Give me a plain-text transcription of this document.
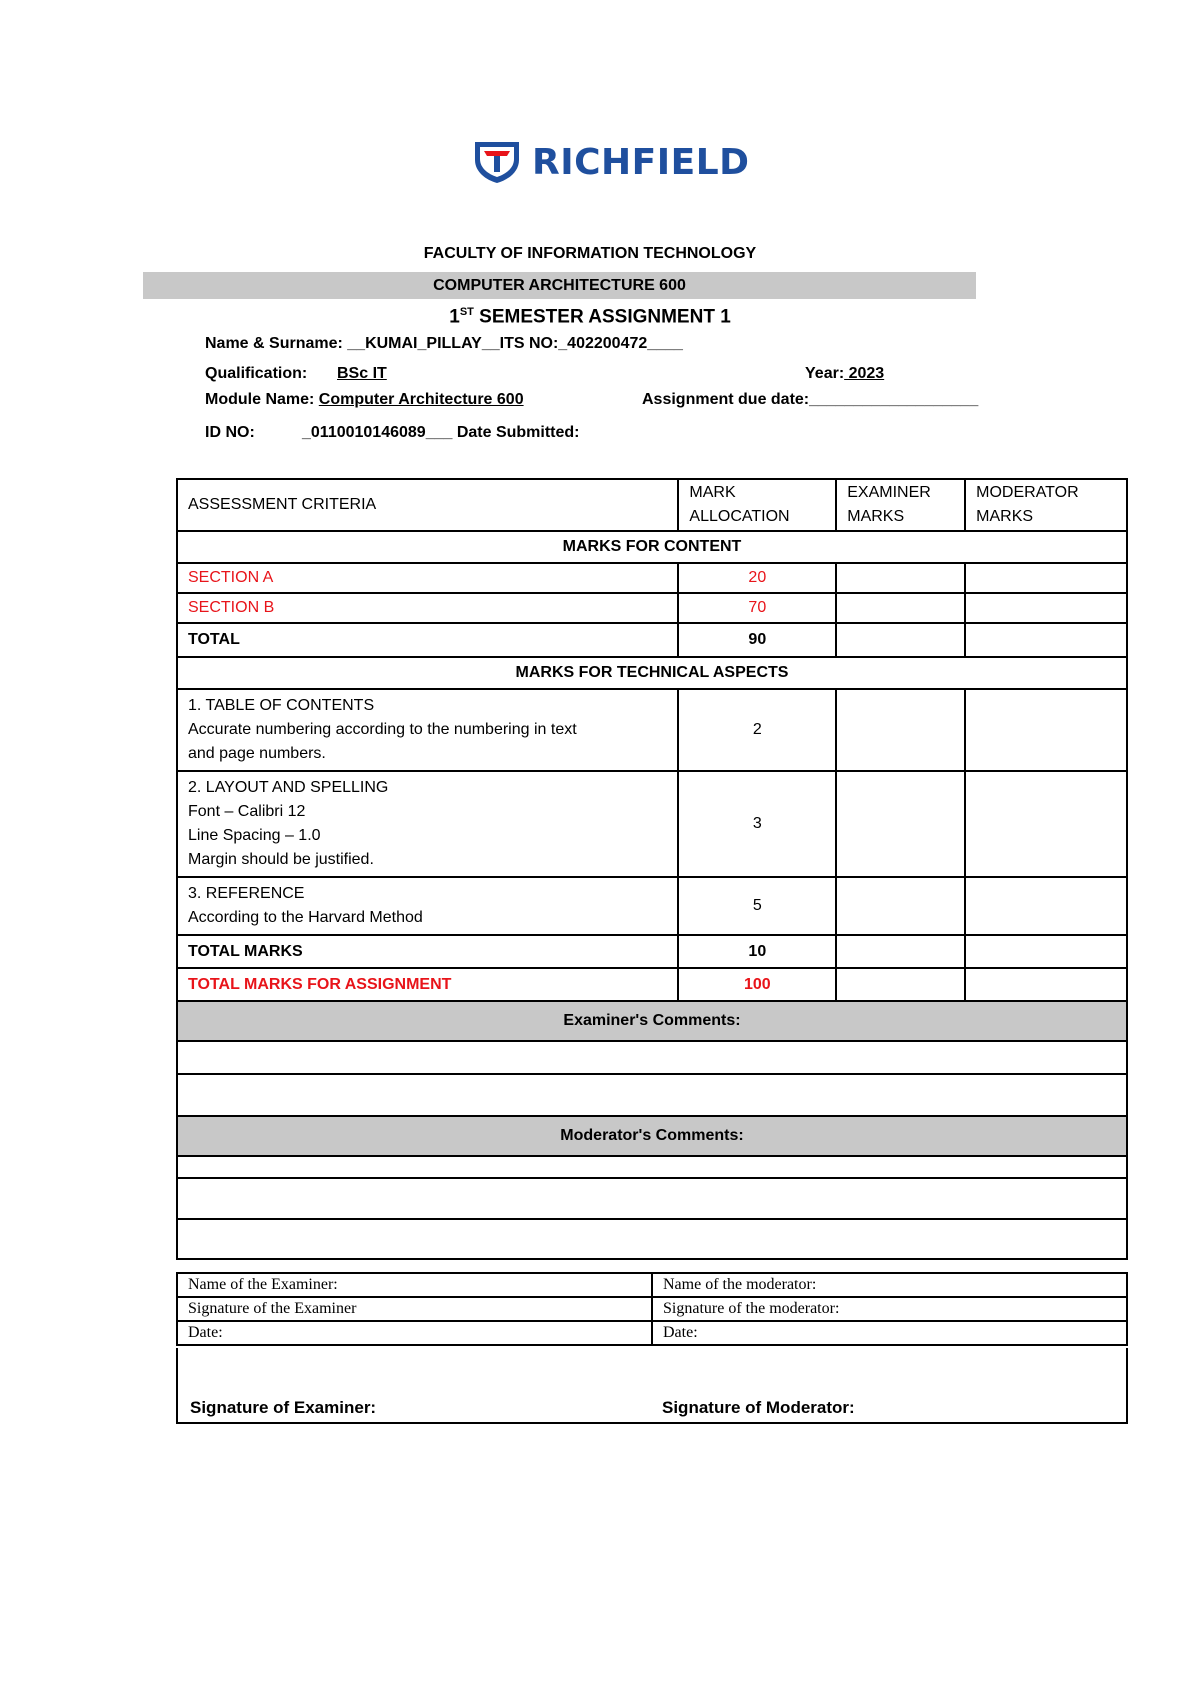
RICHFIELD
FACULTY OF INFORMATION TECHNOLOGY
COMPUTER ARCHITECTURE 600
1ST SEMESTER ASSIGNMENT 1
Name & Surname: __KUMAI_PILLAY__ITS NO:_402200472____
Qualification: BSc IT	Year: 2023
Module Name: Computer Architecture 600	Assignment due date:___________________
ID NO:	_0110010146089___ Date Submitted:
ASSESSMENT CRITERIA	MARK ALLOCATION	EXAMINER MARKS	MODERATOR MARKS
MARKS FOR CONTENT			
SECTION A	20		
SECTION B	70		
TOTAL	90		
MARKS FOR TECHNICAL ASPECTS			

1. TABLE OF CONTENTS
Accurate numbering according to the numbering in text
and page numbers.	2		

2. LAYOUT AND SPELLING
Font – Calibri 12
Line Spacing – 1.0
Margin should be justified.	3		

3. REFERENCE
According to the Harvard Method	5		
TOTAL MARKS	10		
TOTAL MARKS FOR ASSIGNMENT	100		
Examiner's Comments:			

Moderator's Comments:			

Name of the Examiner:	Name of the moderator:
Signature of the Examiner	Signature of the moderator:
Date:	Date:
Signature of Examiner:	Signature of Moderator:
